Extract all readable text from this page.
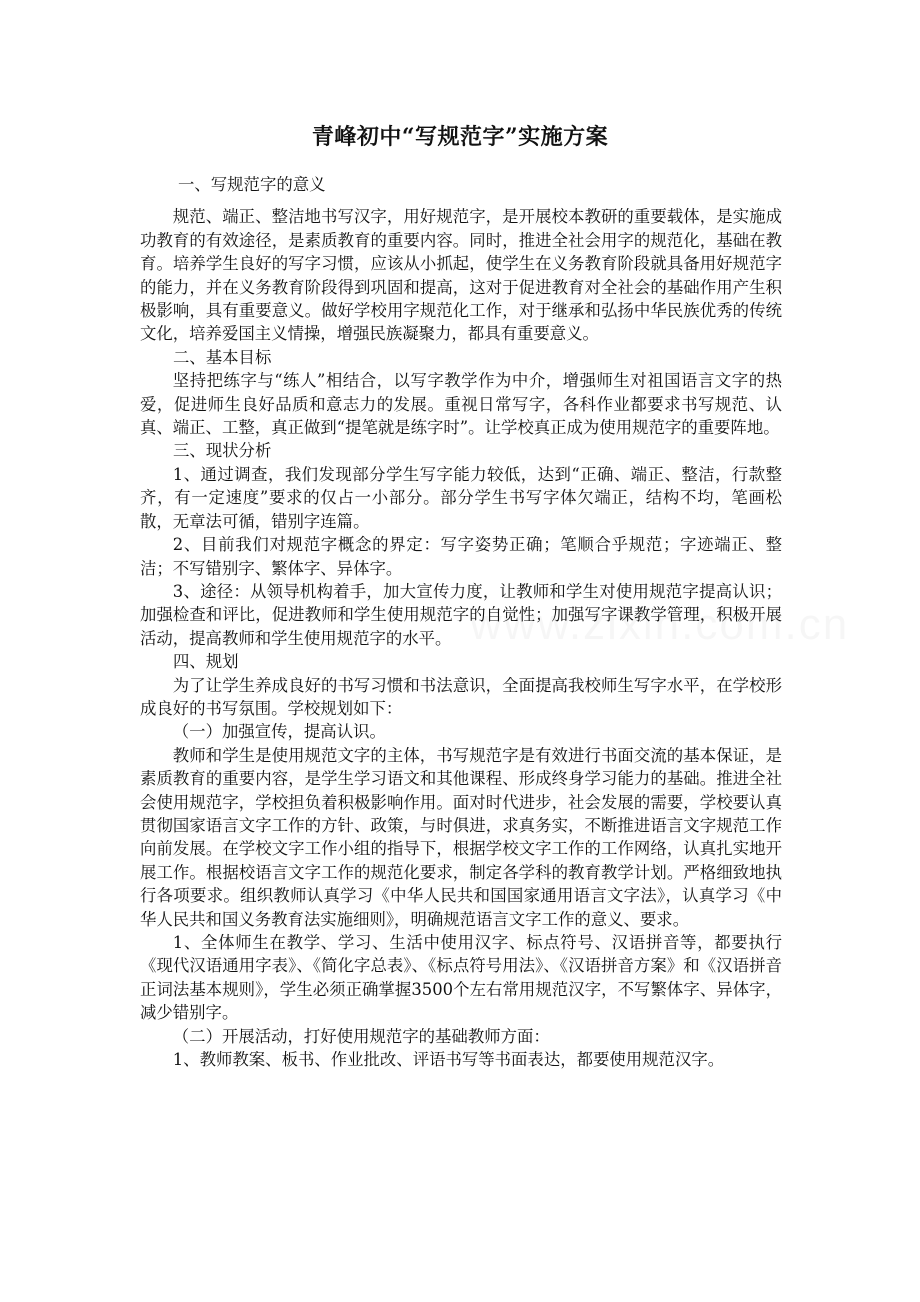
青峰初中“写规范字”实施方案

一、写规范字的意义

规范、端正、整洁地书写汉字，用好规范字，是开展校本教研的重要载体，是实施成功教育的有效途径，是素质教育的重要内容。同时，推进全社会用字的规范化，基础在教育。培养学生良好的写字习惯，应该从小抓起，使学生在义务教育阶段就具备用好规范字的能力，并在义务教育阶段得到巩固和提高，这对于促进教育对全社会的基础作用产生积极影响，具有重要意义。做好学校用字规范化工作，对于继承和弘扬中华民族优秀的传统文化，培养爱国主义情操，增强民族凝聚力，都具有重要意义。

二、基本目标

坚持把练字与“练人”相结合，以写字教学作为中介，增强师生对祖国语言文字的热爱，促进师生良好品质和意志力的发展。重视日常写字，各科作业都要求书写规范、认真、端正、工整，真正做到“提笔就是练字时”。让学校真正成为使用规范字的重要阵地。

三、现状分析

1、通过调查，我们发现部分学生写字能力较低，达到“正确、端正、整洁，行款整齐，有一定速度”要求的仅占一小部分。部分学生书写字体欠端正，结构不均，笔画松散，无章法可循，错别字连篇。

2、目前我们对规范字概念的界定：写字姿势正确；笔顺合乎规范；字迹端正、整洁；不写错别字、繁体字、异体字。

3、途径：从领导机构着手，加大宣传力度，让教师和学生对使用规范字提高认识；加强检查和评比，促进教师和学生使用规范字的自觉性；加强写字课教学管理，积极开展活动，提高教师和学生使用规范字的水平。

四、规划

为了让学生养成良好的书写习惯和书法意识，全面提高我校师生写字水平，在学校形成良好的书写氛围。学校规划如下：

（一）加强宣传，提高认识。

教师和学生是使用规范文字的主体，书写规范字是有效进行书面交流的基本保证，是素质教育的重要内容，是学生学习语文和其他课程、形成终身学习能力的基础。推进全社会使用规范字，学校担负着积极影响作用。面对时代进步，社会发展的需要，学校要认真贯彻国家语言文字工作的方针、政策，与时俱进，求真务实，不断推进语言文字规范工作向前发展。在学校文字工作小组的指导下，根据学校文字工作的工作网络，认真扎实地开展工作。根据校语言文字工作的规范化要求，制定各学科的教育教学计划。严格细致地执行各项要求。组织教师认真学习《中华人民共和国国家通用语言文字法》，认真学习《中华人民共和国义务教育法实施细则》，明确规范语言文字工作的意义、要求。

1、全体师生在教学、学习、生活中使用汉字、标点符号、汉语拼音等，都要执行《现代汉语通用字表》、《简化字总表》、《标点符号用法》、《汉语拼音方案》和《汉语拼音正词法基本规则》，学生必须正确掌握3500个左右常用规范汉字，不写繁体字、异体字，减少错别字。

（二）开展活动，打好使用规范字的基础教师方面：

1、教师教案、板书、作业批改、评语书写等书面表达，都要使用规范汉字。
